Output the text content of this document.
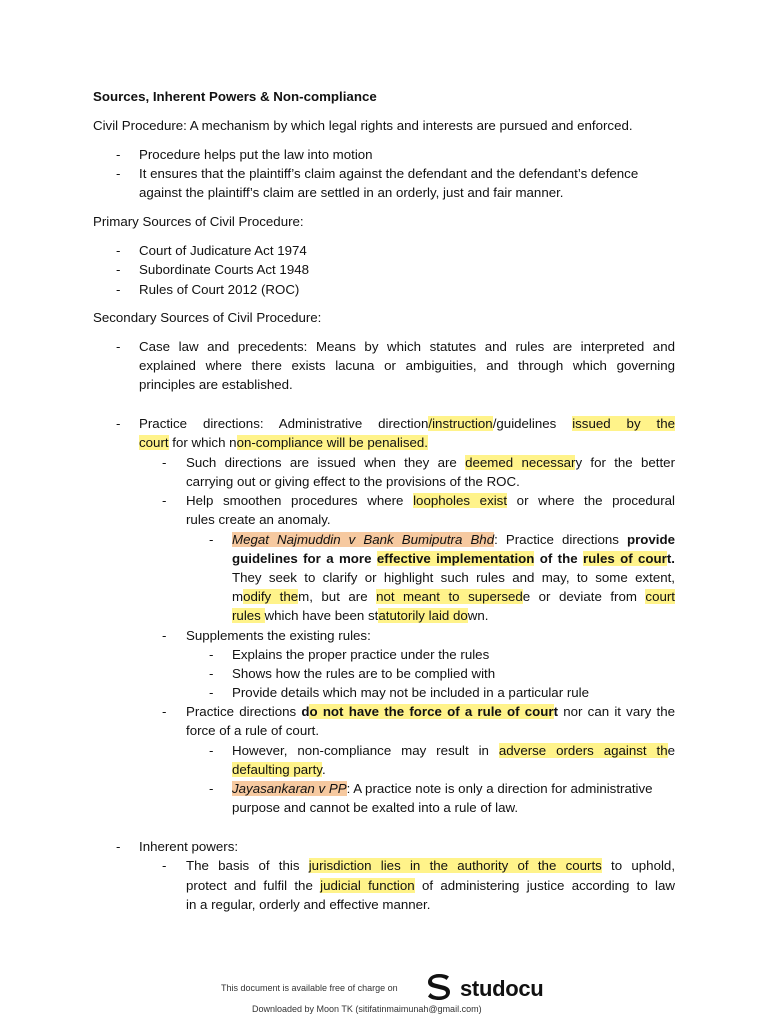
Sources, Inherent Powers & Non-compliance
Civil Procedure: A mechanism by which legal rights and interests are pursued and enforced.
- Procedure helps put the law into motion
- It ensures that the plaintiff’s claim against the defendant and the defendant’s defence
against the plaintiff’s claim are settled in an orderly, just and fair manner.
Primary Sources of Civil Procedure:
- Court of Judicature Act 1974
- Subordinate Courts Act 1948
- Rules of Court 2012 (ROC)
Secondary Sources of Civil Procedure:
- Case law and precedents: Means by which statutes and rules are interpreted and
explained where there exists lacuna or ambiguities, and through which governing
principles are established.
- Practice directions: Administrative direction/instruction/guidelines issued by the
court for which non-compliance will be penalised.
- Such directions are issued when they are deemed necessary for the better
carrying out or giving effect to the provisions of the ROC.
- Help smoothen procedures where loopholes exist or where the procedural
rules create an anomaly.
- Megat Najmuddin v Bank Bumiputra Bhd: Practice directions provide
guidelines for a more effective implementation of the rules of court.
They seek to clarify or highlight such rules and may, to some extent,
modify them, but are not meant to supersede or deviate from court
rules which have been statutorily laid down.
- Supplements the existing rules:
- Explains the proper practice under the rules
- Shows how the rules are to be complied with
- Provide details which may not be included in a particular rule
- Practice directions do not have the force of a rule of court nor can it vary the
force of a rule of court.
- However, non-compliance may result in adverse orders against the
defaulting party.
- Jayasankaran v PP: A practice note is only a direction for administrative
purpose and cannot be exalted into a rule of law.
- Inherent powers:
- The basis of this jurisdiction lies in the authority of the courts to uphold,
protect and fulfil the judicial function of administering justice according to law
in a regular, orderly and effective manner.
This document is available free of charge on	studocu
Downloaded by Moon TK (sitifatinmaimunah@gmail.com)
